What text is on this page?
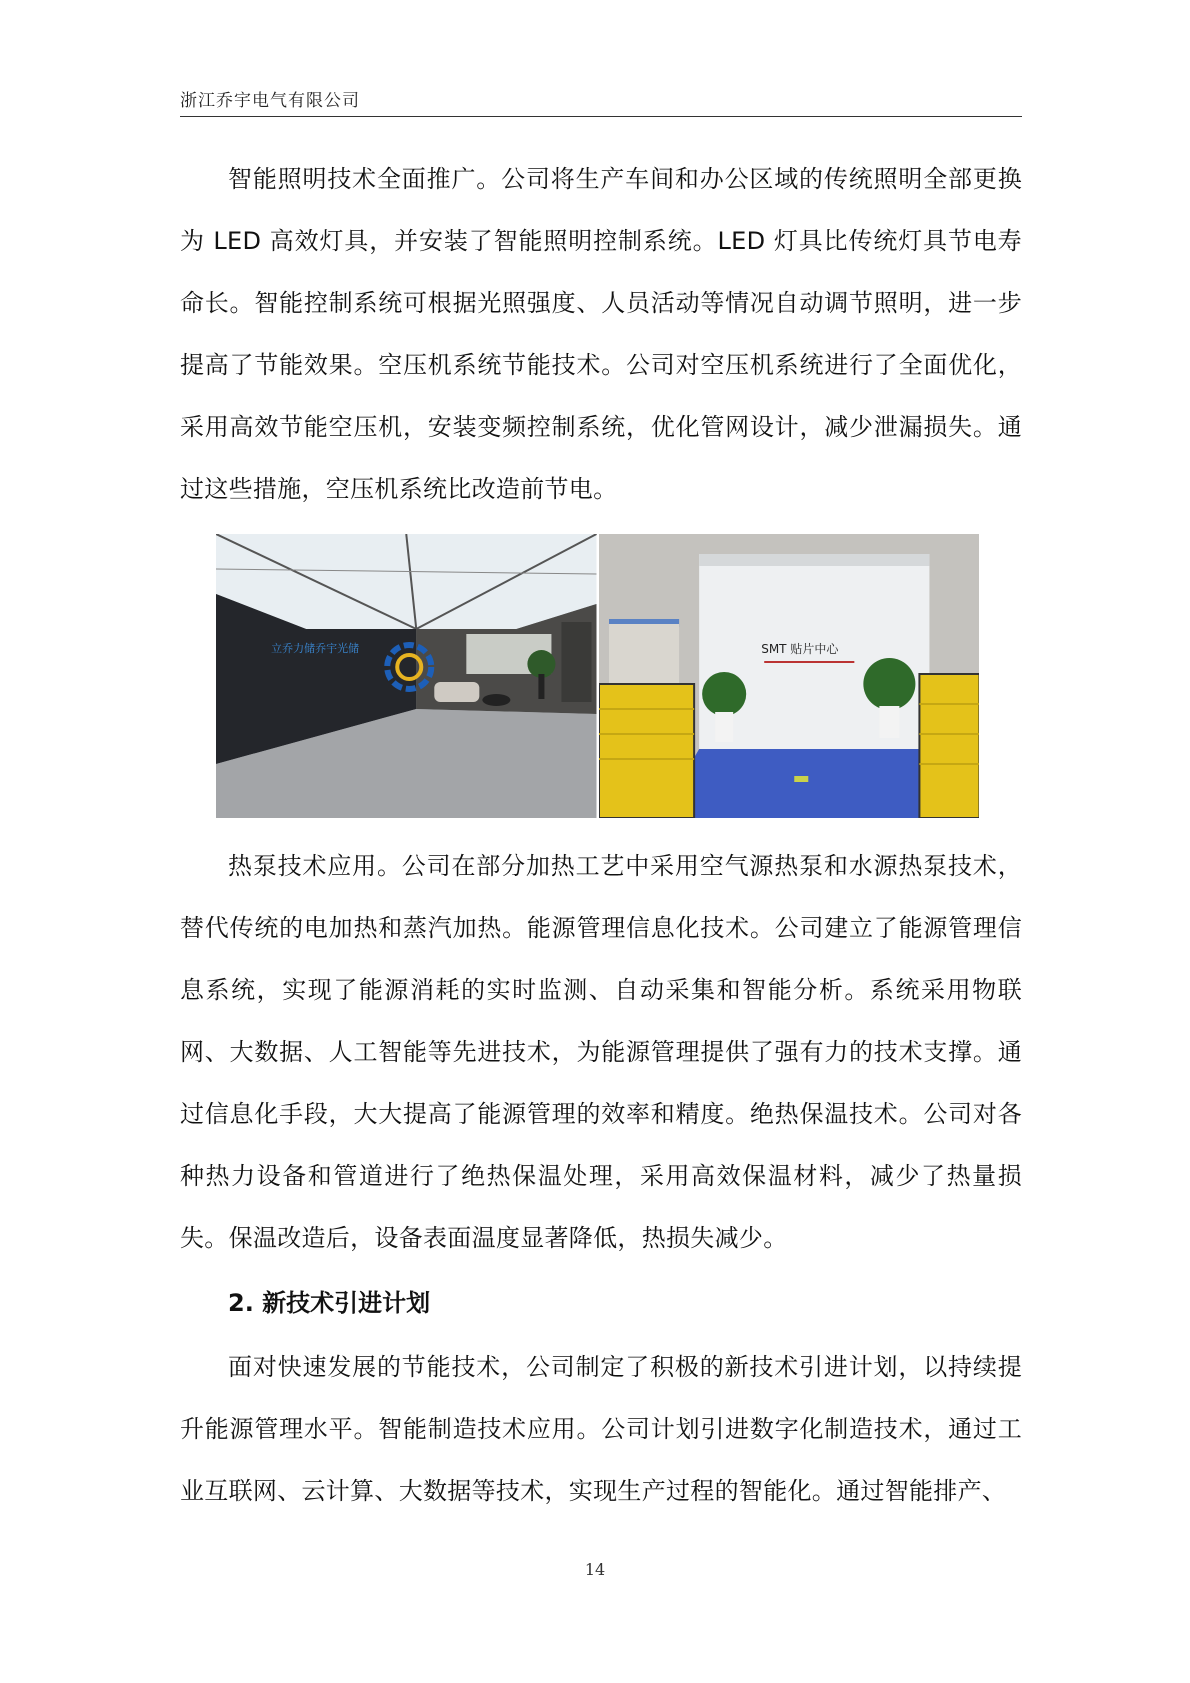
浙江乔宇电气有限公司

智能照明技术全面推广。公司将生产车间和办公区域的传统照明全部更换为 LED 高效灯具，并安装了智能照明控制系统。LED 灯具比传统灯具节电寿命长。智能控制系统可根据光照强度、人员活动等情况自动调节照明，进一步提高了节能效果。空压机系统节能技术。公司对空压机系统进行了全面优化，采用高效节能空压机，安装变频控制系统，优化管网设计，减少泄漏损失。通过这些措施，空压机系统比改造前节电。

立乔力储乔宇光储	SMT 贴片中心

热泵技术应用。公司在部分加热工艺中采用空气源热泵和水源热泵技术，替代传统的电加热和蒸汽加热。能源管理信息化技术。公司建立了能源管理信息系统，实现了能源消耗的实时监测、自动采集和智能分析。系统采用物联网、大数据、人工智能等先进技术，为能源管理提供了强有力的技术支撑。通过信息化手段，大大提高了能源管理的效率和精度。绝热保温技术。公司对各种热力设备和管道进行了绝热保温处理，采用高效保温材料，减少了热量损失。保温改造后，设备表面温度显著降低，热损失减少。

2. 新技术引进计划

面对快速发展的节能技术，公司制定了积极的新技术引进计划，以持续提升能源管理水平。智能制造技术应用。公司计划引进数字化制造技术，通过工业互联网、云计算、大数据等技术，实现生产过程的智能化。通过智能排产、

14
